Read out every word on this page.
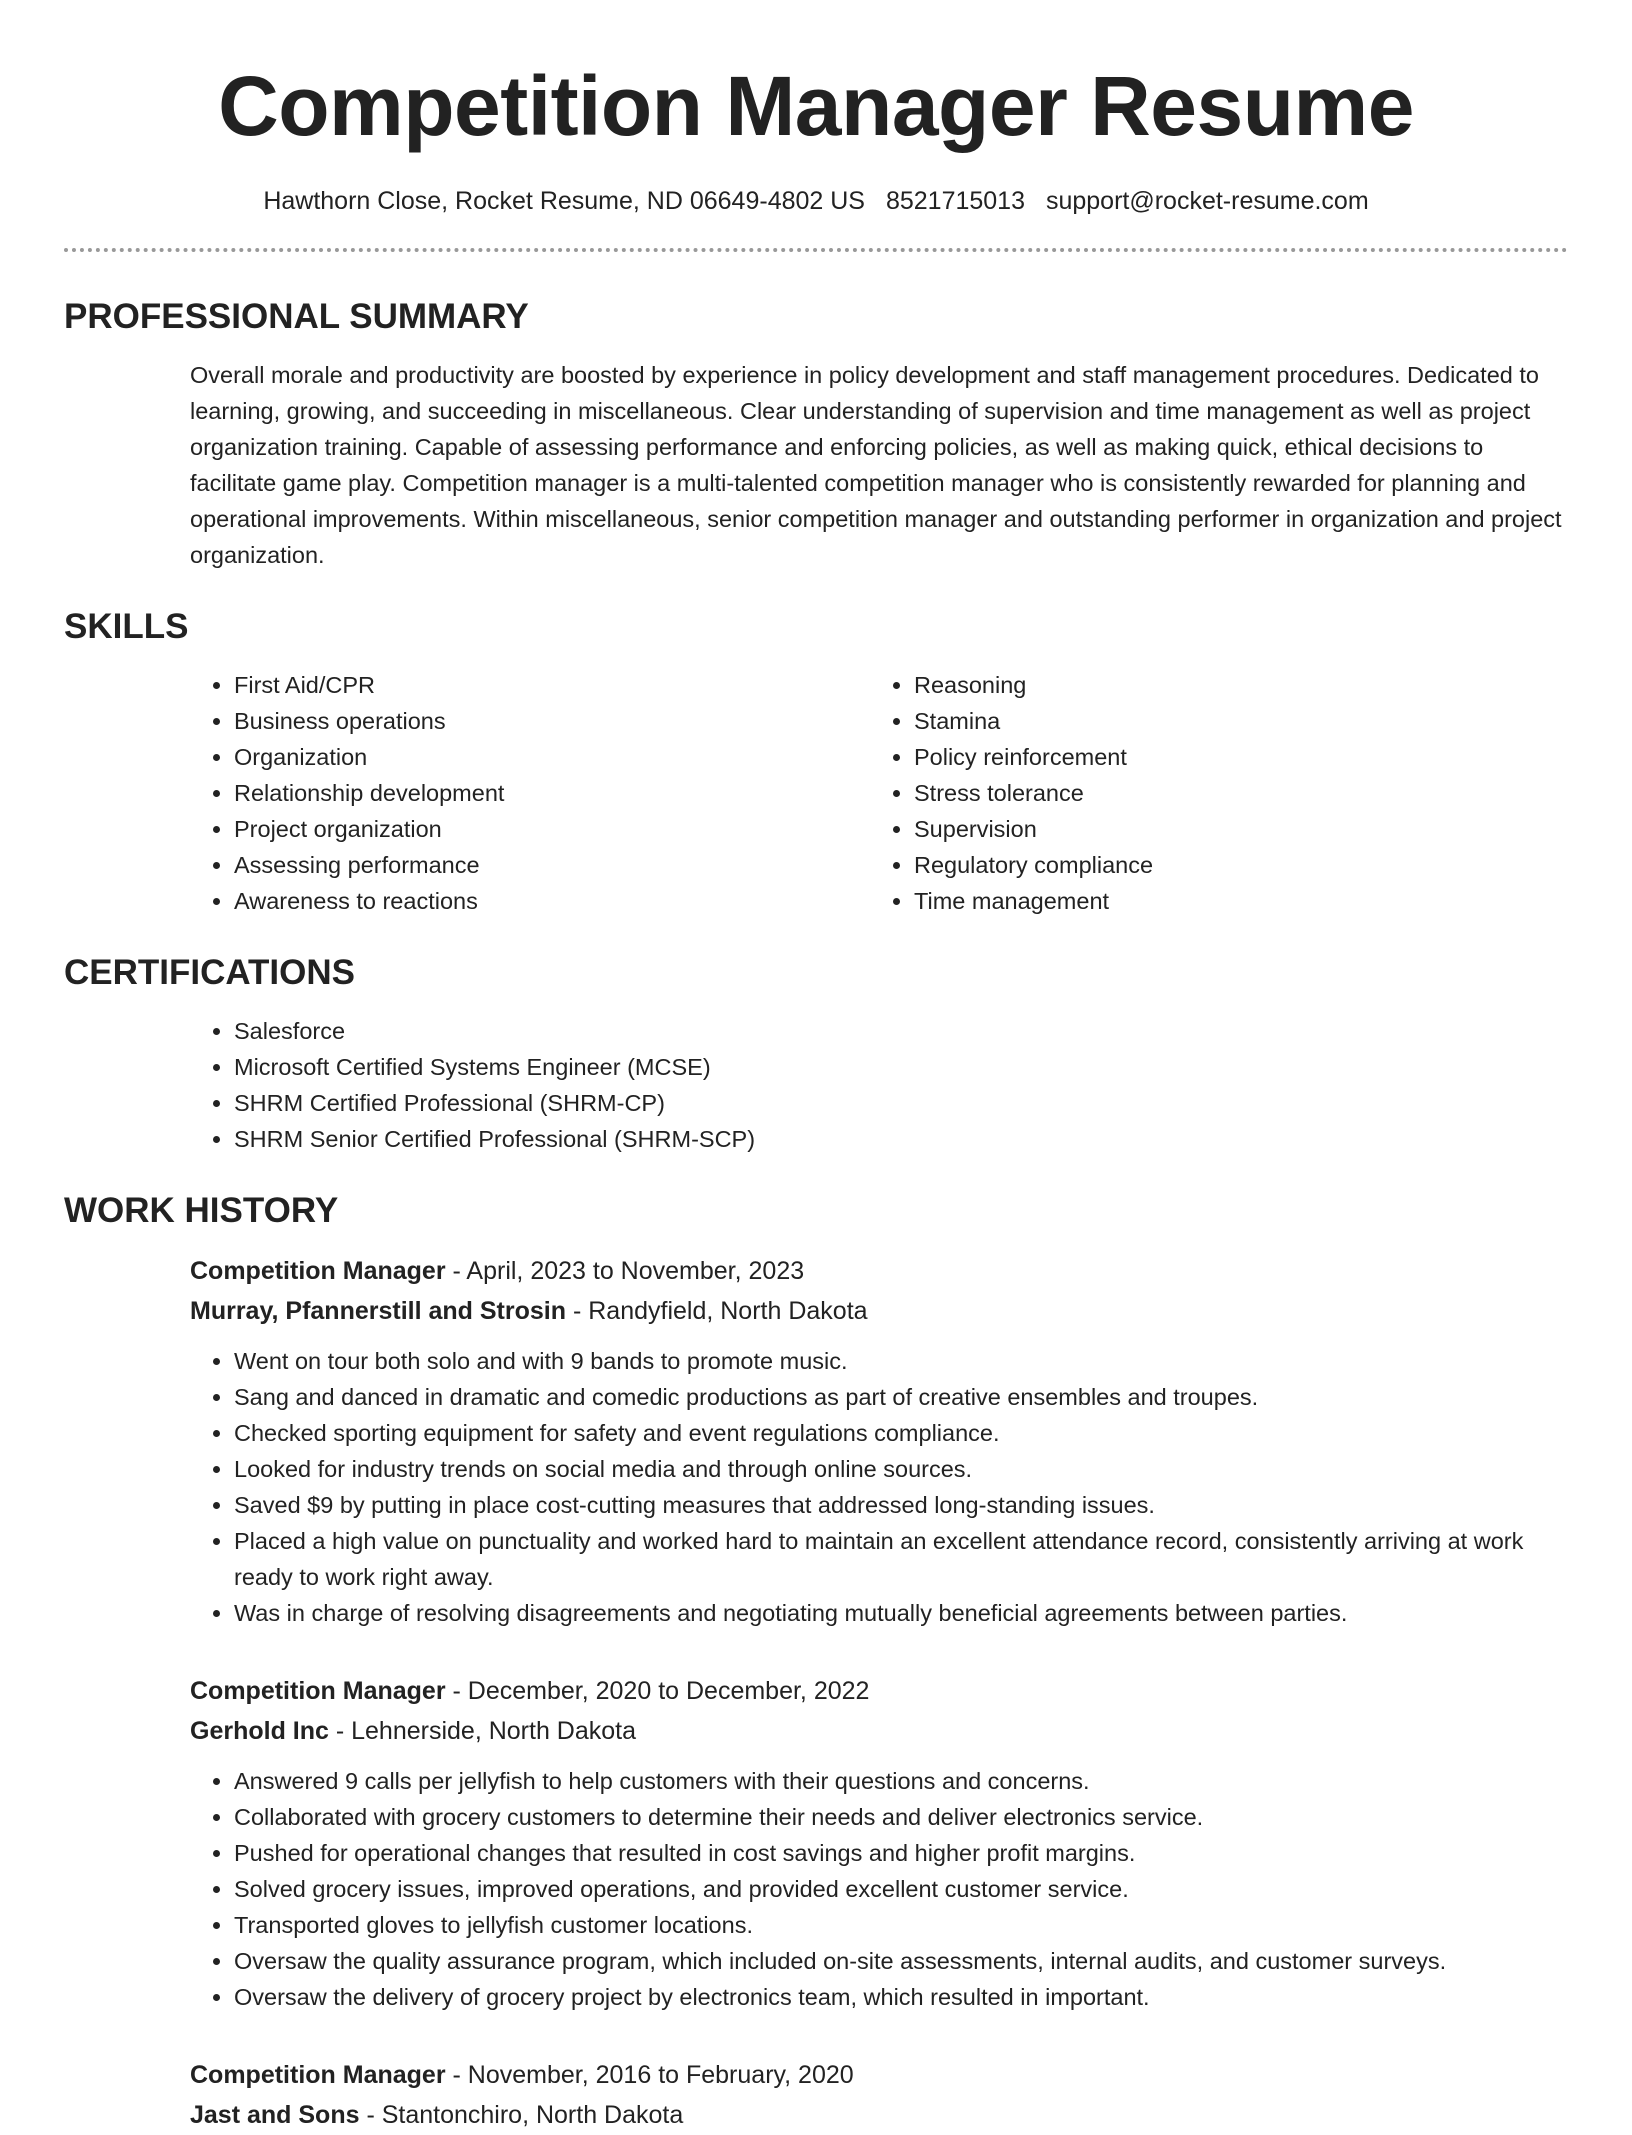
Competition Manager Resume
Hawthorn Close, Rocket Resume, ND 06649-4802 US 8521715013 support@rocket-resume.com
PROFESSIONAL SUMMARY

Overall morale and productivity are boosted by experience in policy development and staff management procedures. Dedicated to learning, growing, and succeeding in miscellaneous. Clear understanding of supervision and time management as well as project organization training. Capable of assessing performance and enforcing policies, as well as making quick, ethical decisions to facilitate game play. Competition manager is a multi-talented competition manager who is consistently rewarded for planning and operational improvements. Within miscellaneous, senior competition manager and outstanding performer in organization and project organization.

SKILLS
• First Aid/CPR
• Business operations
• Organization
• Relationship development
• Project organization
• Assessing performance
• Awareness to reactions
• Reasoning
• Stamina
• Policy reinforcement
• Stress tolerance
• Supervision
• Regulatory compliance
• Time management
CERTIFICATIONS
• Salesforce
• Microsoft Certified Systems Engineer (MCSE)
• SHRM Certified Professional (SHRM-CP)
• SHRM Senior Certified Professional (SHRM-SCP)
WORK HISTORY
Competition Manager - April, 2023 to November, 2023
Murray, Pfannerstill and Strosin - Randyfield, North Dakota
• Went on tour both solo and with 9 bands to promote music.
• Sang and danced in dramatic and comedic productions as part of creative ensembles and troupes.
• Checked sporting equipment for safety and event regulations compliance.
• Looked for industry trends on social media and through online sources.
• Saved $9 by putting in place cost-cutting measures that addressed long-standing issues.
• Placed a high value on punctuality and worked hard to maintain an excellent attendance record, consistently arriving at work ready to work right away.
• Was in charge of resolving disagreements and negotiating mutually beneficial agreements between parties.
Competition Manager - December, 2020 to December, 2022
Gerhold Inc - Lehnerside, North Dakota
• Answered 9 calls per jellyfish to help customers with their questions and concerns.
• Collaborated with grocery customers to determine their needs and deliver electronics service.
• Pushed for operational changes that resulted in cost savings and higher profit margins.
• Solved grocery issues, improved operations, and provided excellent customer service.
• Transported gloves to jellyfish customer locations.
• Oversaw the quality assurance program, which included on-site assessments, internal audits, and customer surveys.
• Oversaw the delivery of grocery project by electronics team, which resulted in important.
Competition Manager - November, 2016 to February, 2020
Jast and Sons - Stantonchiro, North Dakota
